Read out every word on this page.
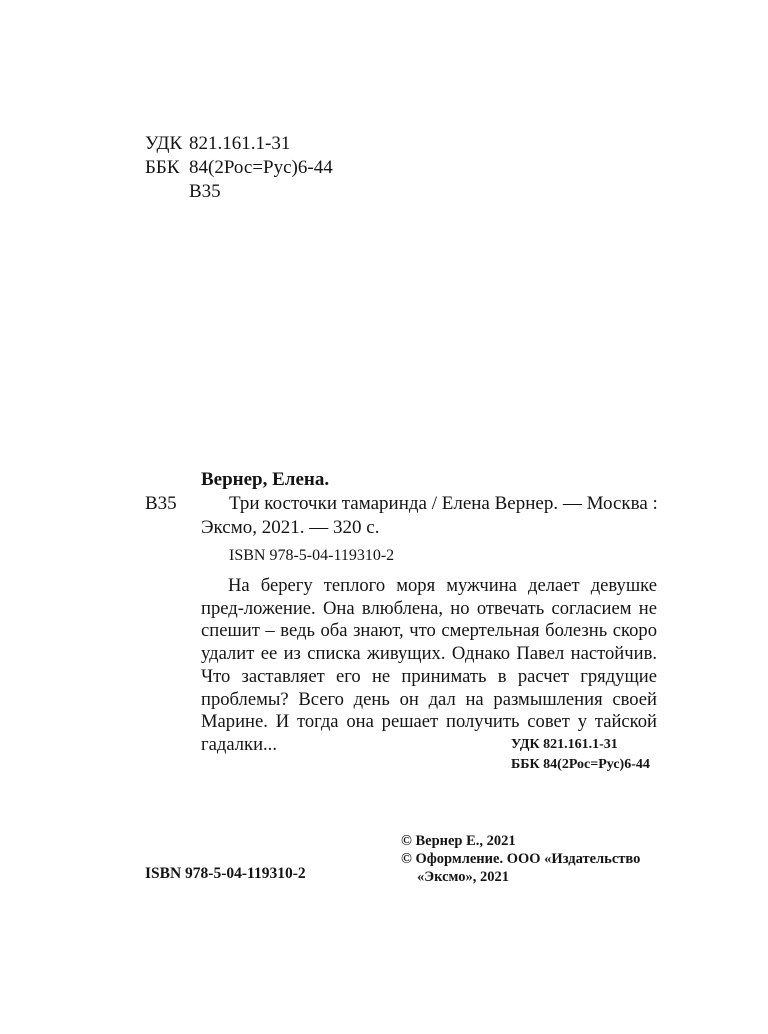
УДК 821.161.1-31
ББК 84(2Рос=Рус)6-44
В35
Вернер, Елена.
В35	Три косточки тамаринда / Елена Вернер. — Москва :
Эксмо, 2021. — 320 с.
ISBN 978-5-04-119310-2

На берегу теплого моря мужчина делает девушке пред-ложение. Она влюблена, но отвечать согласием не спешит – ведь оба знают, что смертельная болезнь скоро удалит ее из списка живущих. Однако Павел настойчив. Что заставляет его не принимать в расчет грядущие проблемы? Всего день он дал на размышления своей Марине. И тогда она решает получить совет у тайской гадалки...	УДК 821.161.1-31
ББК 84(2Рос=Рус)6-44
ISBN 978-5-04-119310-2
© Вернер Е., 2021
© Оформление. ООО «Издательство
«Эксмо», 2021
